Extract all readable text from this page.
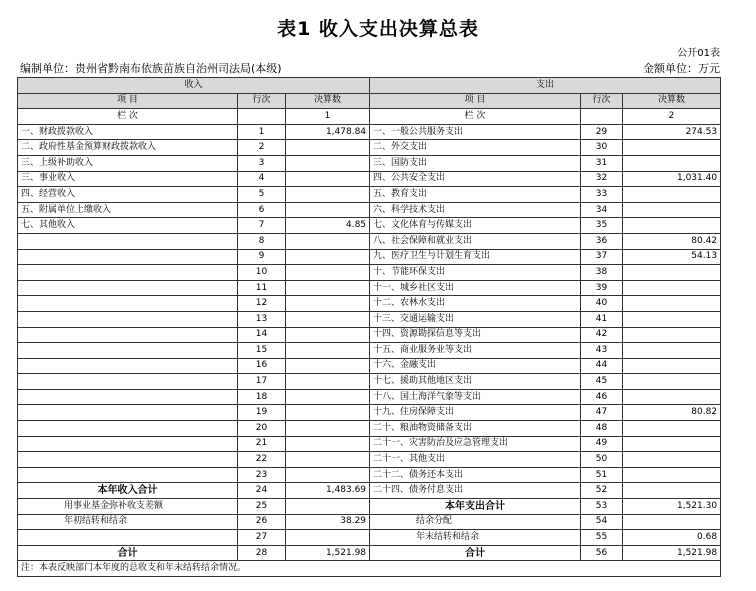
表1 收入支出决算总表
公开01表
编制单位：贵州省黔南布依族苗族自治州司法局(本级)	金额单位：万元
收入			支出		
项 目	行次	决算数	项 目	行次	决算数
栏 次		1	栏 次		2
一、财政拨款收入	1	1,478.84	一、一般公共服务支出	29	274.53
二、政府性基金预算财政拨款收入	2		二、外交支出	30	
三、上级补助收入	3		三、国防支出	31	
三、事业收入	4		四、公共安全支出	32	1,031.40
四、经营收入	5		五、教育支出	33	
五、附属单位上缴收入	6		六、科学技术支出	34	
七、其他收入	7	4.85	七、文化体育与传媒支出	35	
	8		八、社会保障和就业支出	36	80.42
	9		九、医疗卫生与计划生育支出	37	54.13
	10		十、节能环保支出	38	
	11		十一、城乡社区支出	39	
	12		十二、农林水支出	40	
	13		十三、交通运输支出	41	
	14		十四、资源勘探信息等支出	42	
	15		十五、商业服务业等支出	43	
	16		十六、金融支出	44	
	17		十七、援助其他地区支出	45	
	18		十八、国土海洋气象等支出	46	
	19		十九、住房保障支出	47	80.82
	20		二十、粮油物资储备支出	48	
	21		二十一、灾害防治及应急管理支出	49	
	22		二十一、其他支出	50	
	23		二十二、债务还本支出	51	
本年收入合计	24	1,483.69	二十四、债务付息支出	52	
用事业基金弥补收支差额	25		本年支出合计	53	1,521.30
年初结转和结余	26	38.29	结余分配	54	
	27		年末结转和结余	55	0.68
合计	28	1,521.98	合计	56	1,521.98
注：本表反映部门本年度的总收支和年末结转结余情况。					
